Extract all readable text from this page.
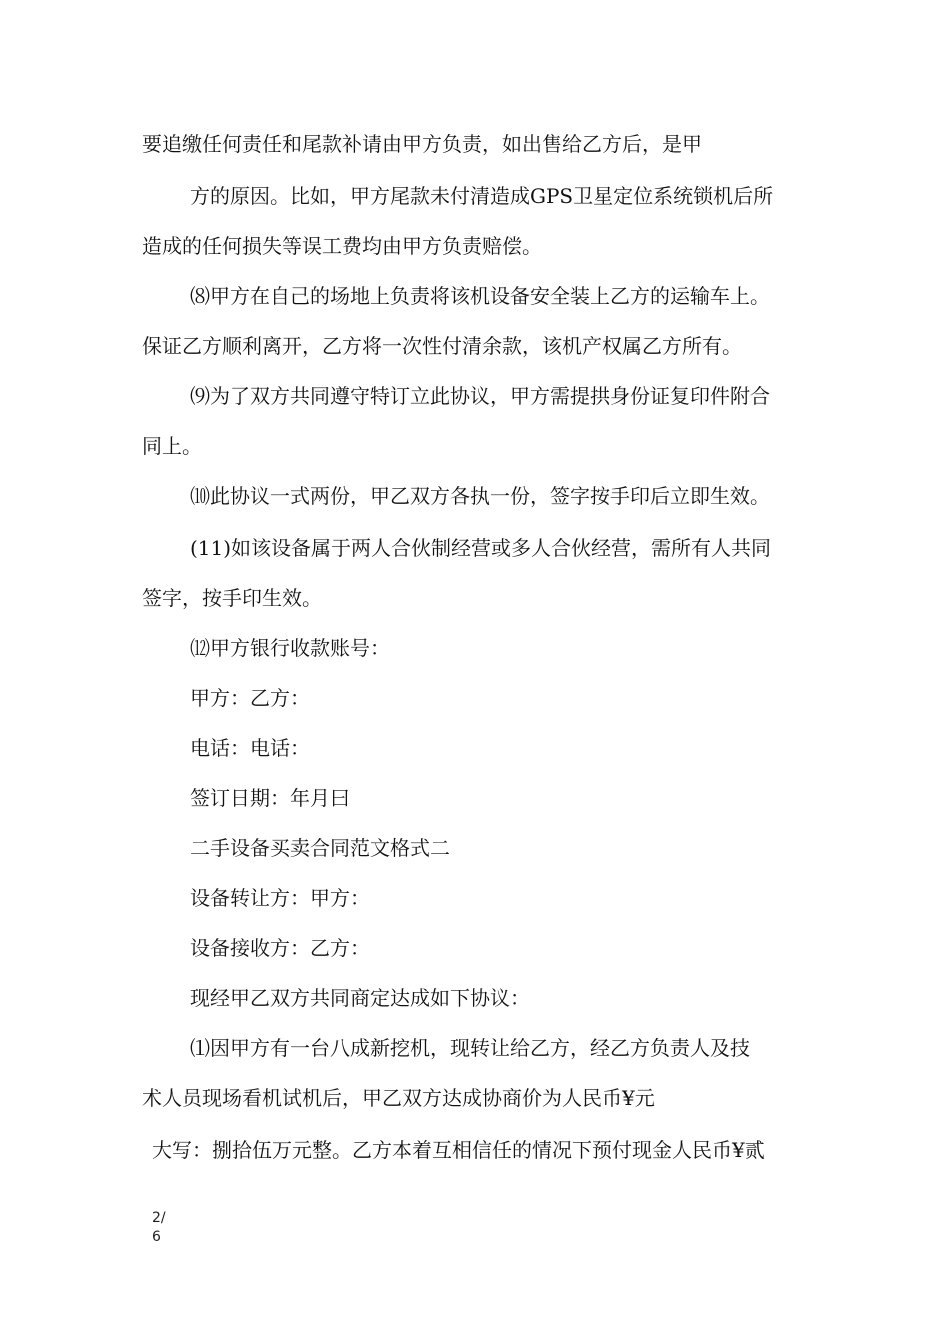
要追缴任何责任和尾款补请由甲方负责，如出售给乙方后，是甲
方的原因。比如，甲方尾款未付清造成GPS卫星定位系统锁机后所
造成的任何损失等误工费均由甲方负责赔偿。
⑻甲方在自己的场地上负责将该机设备安全装上乙方的运输车上。
保证乙方顺利离开，乙方将一次性付清余款，该机产权属乙方所有。
⑼为了双方共同遵守特订立此协议，甲方需提拱身份证复印件附合
同上。
⑽此协议一式两份，甲乙双方各执一份，签字按手印后立即生效。
(11)如该设备属于两人合伙制经营或多人合伙经营，需所有人共同
签字，按手印生效。
⑿甲方银行收款账号：
甲方：乙方：
电话：电话：
签订日期：年月曰
二手设备买卖合同范文格式二
设备转让方：甲方：
设备接收方：乙方：
现经甲乙双方共同商定达成如下协议：
⑴因甲方有一台八成新挖机，现转让给乙方，经乙方负责人及技
术人员现场看机试机后，甲乙双方达成协商价为人民币¥元
大写：捌拾伍万元整。乙方本着互相信任的情况下预付现金人民币¥贰
2/
6
